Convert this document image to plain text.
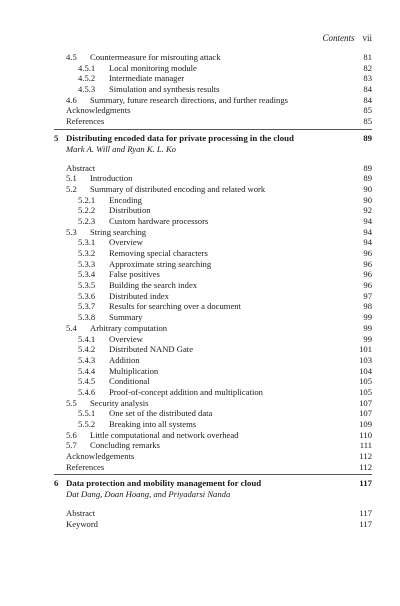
Contents vii
4.5	Countermeasure for misrouting attack	81
4.5.1	Local monitoring module	82
4.5.2	Intermediate manager	83
4.5.3	Simulation and synthesis results	84
4.6	Summary, future research directions, and further readings	84
Acknowledgments	85
References	85
5 Distributing encoded data for private processing in the cloud	89
Mark A. Will and Ryan K. L. Ko
Abstract	89
5.1	Introduction	89
5.2	Summary of distributed encoding and related work	90
5.2.1	Encoding	90
5.2.2	Distribution	92
5.2.3	Custom hardware processors	94
5.3	String searching	94
5.3.1	Overview	94
5.3.2	Removing special characters	96
5.3.3	Approximate string searching	96
5.3.4	False positives	96
5.3.5	Building the search index	96
5.3.6	Distributed index	97
5.3.7	Results for searching over a document	98
5.3.8	Summary	99
5.4	Arbitrary computation	99
5.4.1	Overview	99
5.4.2	Distributed NAND Gate	101
5.4.3	Addition	103
5.4.4	Multiplication	104
5.4.5	Conditional	105
5.4.6	Proof-of-concept addition and multiplication	105
5.5	Security analysis	107
5.5.1	One set of the distributed data	107
5.5.2	Breaking into all systems	109
5.6	Little computational and network overhead	110
5.7	Concluding remarks	111
Acknowledgements	112
References	112
6 Data protection and mobility management for cloud	117
Dat Dang, Doan Hoang, and Priyadarsi Nanda
Abstract	117
Keyword	117
